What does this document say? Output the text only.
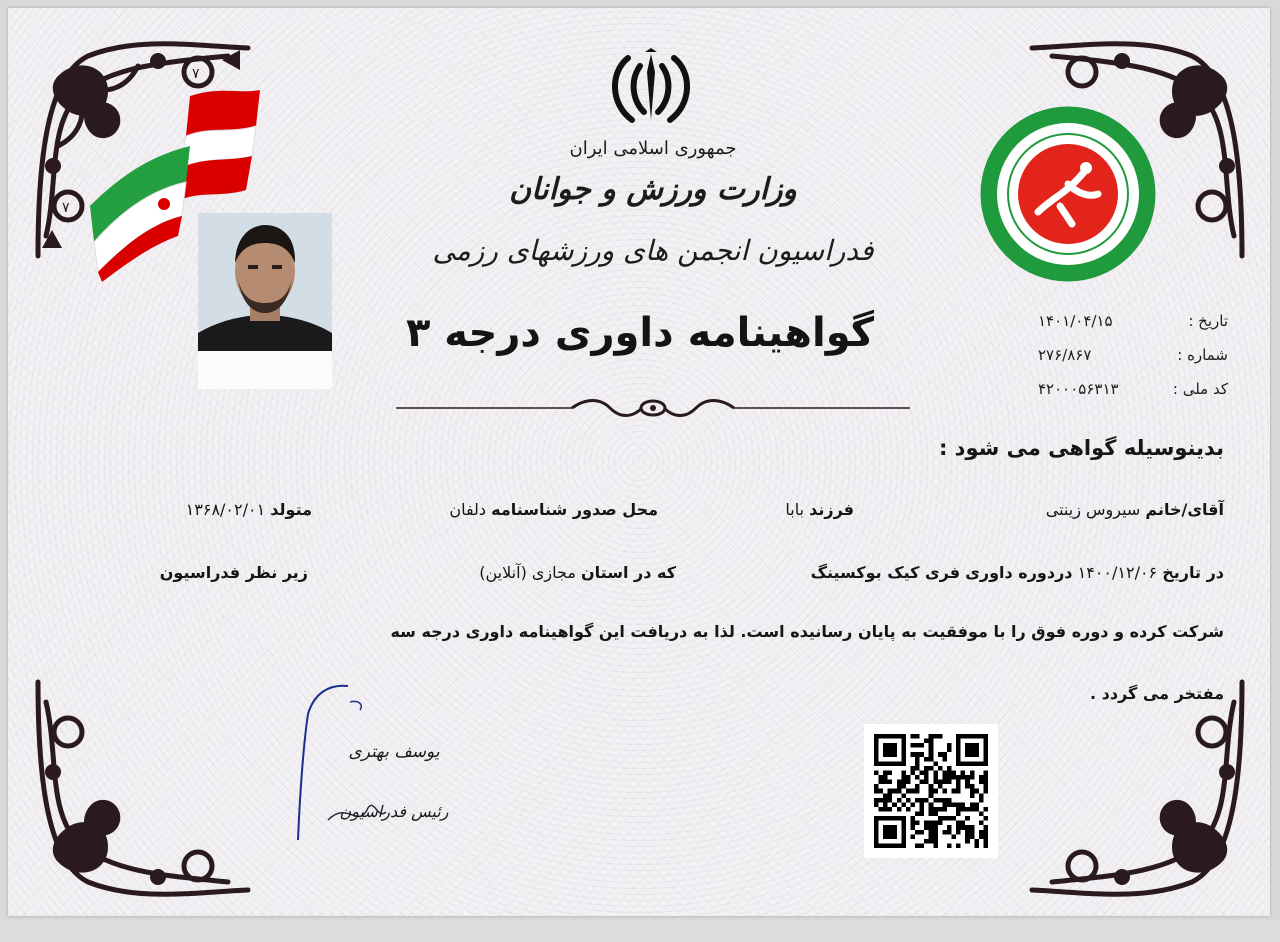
٧
٧
جمهوری اسلامی ایران
وزارت ورزش و جوانان
فدراسیون انجمن های ورزشهای رزمی
گواهینامه داوری درجه ۳	تاریخ :
۱۴۰۱/۰۴/۱۵
شماره :
۲۷۶/۸۶۷
کد ملی :
۴۲۰۰۰۵۶۳۱۳
بدینوسیله گواهی می شود :
آقای/خانم سیروس زینتی
فرزند بابا
محل صدور شناسنامه دلفان
متولد ۱۳۶۸/۰۲/۰۱
در تاریخ ۱۴۰۰/۱۲/۰۶ دردوره داوری فری کیک بوکسینگ
که در استان مجازی (آنلاین)
زیر نظر فدراسیون
شرکت کرده و دوره فوق را با موفقیت به پایان رسانیده است. لذا به دریافت این گواهینامه داوری درجه سه
مفتخر می گردد .
یوسف بهتری
رئیس فدراسیون
